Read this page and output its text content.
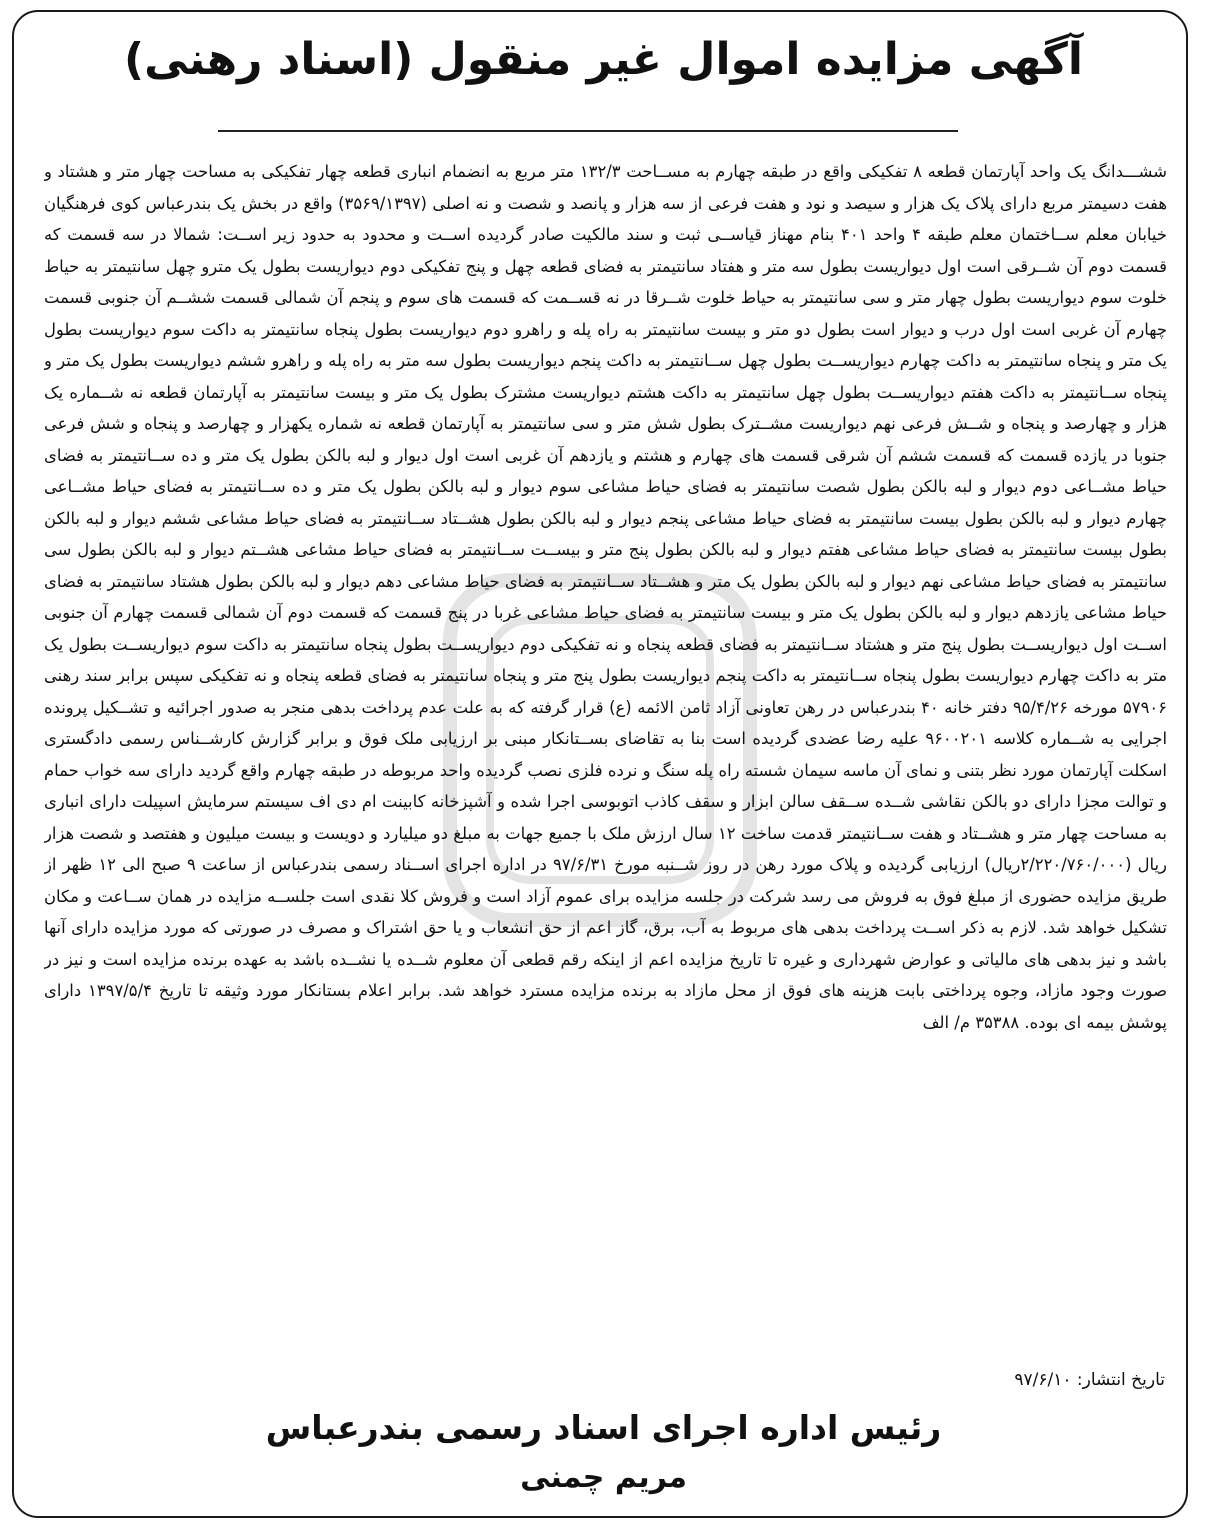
آگهی مزایده اموال غیر منقول (اسناد رهنی)
ششـــدانگ یک واحد آپارتمان قطعه ۸ تفکیکی واقع در طبقه چهارم به مســاحت ۱۳۲/۳ متر مربع به انضمام انباری قطعه چهار تفکیکی به مساحت چهار متر و هشتاد و هفت دسیمتر مربع دارای پلاک یک هزار و سیصد و نود و هفت فرعی از سه هزار و پانصد و شصت و نه اصلی (۳۵۶۹/۱۳۹۷) واقع در بخش یک بندرعباس کوی فرهنگیان خیابان معلم ســاختمان معلم طبقه ۴ واحد ۴۰۱ بنام مهناز قیاســی ثبت و سند مالکیت صادر گردیده اســت و محدود به حدود زیر اســت: شمالا در سه قسمت که قسمت دوم آن شــرقی است اول دیواریست بطول سه متر و هفتاد سانتیمتر به فضای قطعه چهل و پنج تفکیکی دوم دیواریست بطول یک مترو چهل سانتیمتر به حیاط خلوت سوم دیواریست بطول چهار متر و سی سانتیمتر به حیاط خلوت شــرقا در نه قســمت که قسمت های سوم و پنجم آن شمالی قسمت ششــم آن جنوبی قسمت چهارم آن غربی است اول درب و دیوار است بطول دو متر و بیست سانتیمتر به راه پله و راهرو دوم دیواریست بطول پنجاه سانتیمتر به داکت سوم دیواریست بطول یک متر و پنجاه سانتیمتر به داکت چهارم دیواریســت بطول چهل ســانتیمتر به داکت پنجم دیواریست بطول سه متر به راه پله و راهرو ششم دیواریست بطول یک متر و پنجاه ســانتیمتر به داکت هفتم دیواریســت بطول چهل سانتیمتر به داکت هشتم دیواریست مشترک بطول یک متر و بیست سانتیمتر به آپارتمان قطعه نه شــماره یک هزار و چهارصد و پنجاه و شــش فرعی نهم دیواریست مشــترک بطول شش متر و سی سانتیمتر به آپارتمان قطعه نه شماره یکهزار و چهارصد و پنجاه و شش فرعی جنوبا در یازده قسمت که قسمت ششم آن شرقی قسمت های چهارم و هشتم و یازدهم آن غربی است اول دیوار و لبه بالکن بطول یک متر و ده ســانتیمتر به فضای حیاط مشــاعی دوم دیوار و لبه بالکن بطول شصت سانتیمتر به فضای حیاط مشاعی سوم دیوار و لبه بالکن بطول یک متر و ده ســانتیمتر به فضای حیاط مشــاعی چهارم دیوار و لبه بالکن بطول بیست سانتیمتر به فضای حیاط مشاعی پنجم دیوار و لبه بالکن بطول هشــتاد ســانتیمتر به فضای حیاط مشاعی ششم دیوار و لبه بالکن بطول بیست سانتیمتر به فضای حیاط مشاعی هفتم دیوار و لبه بالکن بطول پنج متر و بیســت ســانتیمتر به فضای حیاط مشاعی هشــتم دیوار و لبه بالکن بطول سی سانتیمتر به فضای حیاط مشاعی نهم دیوار و لبه بالکن بطول یک متر و هشــتاد ســانتیمتر به فضای حیاط مشاعی دهم دیوار و لبه بالکن بطول هشتاد سانتیمتر به فضای حیاط مشاعی یازدهم دیوار و لبه بالکن بطول یک متر و بیست سانتیمتر به فضای حیاط مشاعی غربا در پنج قسمت که قسمت دوم آن شمالی قسمت چهارم آن جنوبی اســت اول دیواریســت بطول پنج متر و هشتاد ســانتیمتر به فضای قطعه پنجاه و نه تفکیکی دوم دیواریســت بطول پنجاه سانتیمتر به داکت سوم دیواریســت بطول یک متر به داکت چهارم دیواریست بطول پنجاه ســانتیمتر به داکت پنجم دیواریست بطول پنج متر و پنجاه سانتیمتر به فضای قطعه پنجاه و نه تفکیکی سپس برابر سند رهنی ۵۷۹۰۶ مورخه ۹۵/۴/۲۶ دفتر خانه ۴۰ بندرعباس در رهن تعاونی آزاد ثامن الائمه (ع) قرار گرفته که به علت عدم پرداخت بدهی منجر به صدور اجرائیه و تشــکیل پرونده اجرایی به شــماره کلاسه ۹۶۰۰۲۰۱ علیه رضا عضدی گردیده است بنا به تقاضای بســتانکار مبنی بر ارزیابی ملک فوق و برابر گزارش کارشــناس رسمی دادگستری اسکلت آپارتمان مورد نظر بتنی و نمای آن ماسه سیمان شسته راه پله سنگ و نرده فلزی نصب گردیده واحد مربوطه در طبقه چهارم واقع گردید دارای سه خواب حمام و توالت مجزا دارای دو بالکن نقاشی شــده ســقف سالن ابزار و سقف کاذب اتوبوسی اجرا شده و آشپزخانه کابینت ام دی اف سیستم سرمایش اسپیلت دارای انباری به مساحت چهار متر و هشــتاد و هفت ســانتیمتر قدمت ساخت ۱۲ سال ارزش ملک با جمیع جهات به مبلغ دو میلیارد و دویست و بیست میلیون و هفتصد و شصت هزار ریال (۲/۲۲۰/۷۶۰/۰۰۰ریال) ارزیابی گردیده و پلاک مورد رهن در روز شــنبه مورخ ۹۷/۶/۳۱ در اداره اجرای اســناد رسمی بندرعباس از ساعت ۹ صبح الی ۱۲ ظهر از طریق مزایده حضوری از مبلغ فوق به فروش می رسد شرکت در جلسه مزایده برای عموم آزاد است و فروش کلا نقدی است جلســه مزایده در همان ســاعت و مکان تشکیل خواهد شد. لازم به ذکر اســت پرداخت بدهی های مربوط به آب، برق، گاز اعم از حق انشعاب و یا حق اشتراک و مصرف در صورتی که مورد مزایده دارای آنها باشد و نیز بدهی های مالیاتی و عوارض شهرداری و غیره تا تاریخ مزایده اعم از اینکه رقم قطعی آن معلوم شــده یا نشــده باشد به عهده برنده مزایده است و نیز در صورت وجود مازاد، وجوه پرداختی بابت هزینه های فوق از محل مازاد به برنده مزایده مسترد خواهد شد. برابر اعلام بستانکار مورد وثیقه تا تاریخ ۱۳۹۷/۵/۴ دارای پوشش بیمه ای بوده. ۳۵۳۸۸ م/ الف
تاریخ انتشار: ۹۷/۶/۱۰
رئیس اداره اجرای اسناد رسمی بندرعباس
مریم چمنی
